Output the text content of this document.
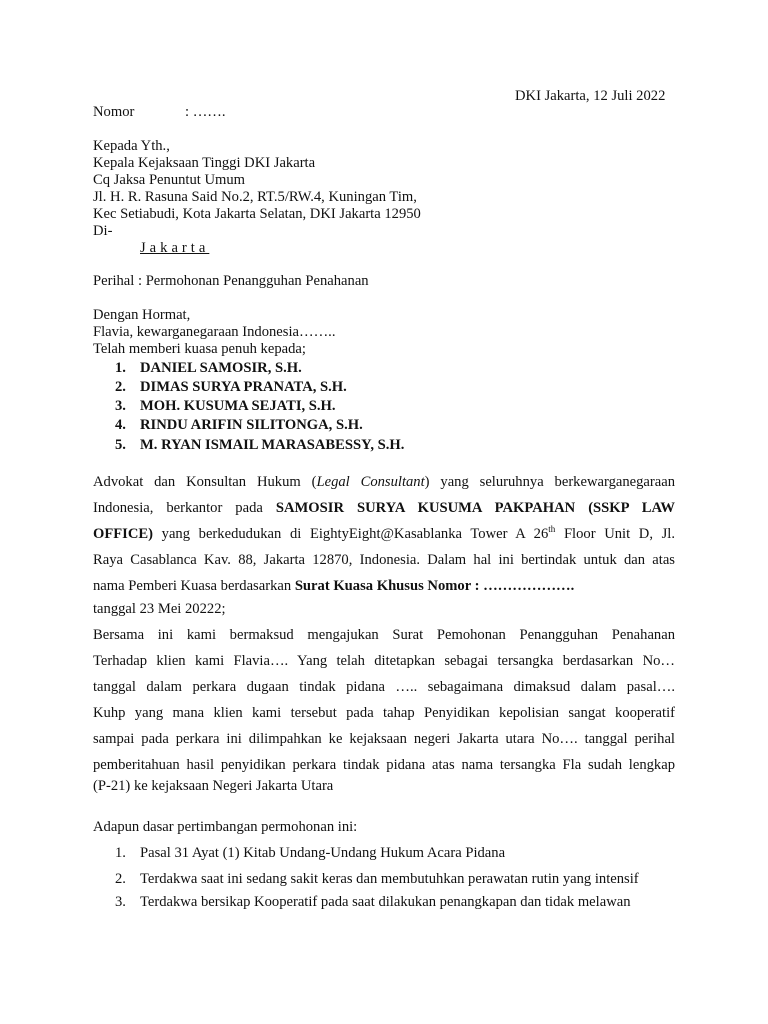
DKI Jakarta, 12 Juli 2022
Nomor	: …….
Kepada Yth.,
Kepala Kejaksaan Tinggi DKI Jakarta
Cq Jaksa Penuntut Umum
Jl. H. R. Rasuna Said No.2, RT.5/RW.4, Kuningan Tim,
Kec Setiabudi, Kota Jakarta Selatan, DKI Jakarta 12950
Di-
Jakarta
Perihal : Permohonan Penangguhan Penahanan
Dengan Hormat,
Flavia, kewarganegaraan Indonesia……..
Telah memberi kuasa penuh kepada;
1. DANIEL SAMOSIR, S.H.
2. DIMAS SURYA PRANATA, S.H.
3. MOH. KUSUMA SEJATI, S.H.
4. RINDU ARIFIN SILITONGA, S.H.
5. M. RYAN ISMAIL MARASABESSY, S.H.
Advokat dan Konsultan Hukum (Legal Consultant) yang seluruhnya berkewarganegaraan
Indonesia, berkantor pada SAMOSIR SURYA KUSUMA PAKPAHAN (SSKP LAW
OFFICE) yang berkedudukan di EightyEight@Kasablanka Tower A 26th Floor Unit D, Jl.
Raya Casablanca Kav. 88, Jakarta 12870, Indonesia. Dalam hal ini bertindak untuk dan atas
nama Pemberi Kuasa berdasarkan Surat Kuasa Khusus Nomor : ……………….
tanggal 23 Mei 20222;
Bersama ini kami bermaksud mengajukan Surat Pemohonan Penangguhan Penahanan
Terhadap klien kami Flavia…. Yang telah ditetapkan sebagai tersangka berdasarkan No…
tanggal dalam perkara dugaan tindak pidana ….. sebagaimana dimaksud dalam pasal….
Kuhp yang mana klien kami tersebut pada tahap Penyidikan kepolisian sangat kooperatif
sampai pada perkara ini dilimpahkan ke kejaksaan negeri Jakarta utara No…. tanggal perihal
pemberitahuan hasil penyidikan perkara tindak pidana atas nama tersangka Fla sudah lengkap
(P-21) ke kejaksaan Negeri Jakarta Utara
Adapun dasar pertimbangan permohonan ini:
1. Pasal 31 Ayat (1) Kitab Undang-Undang Hukum Acara Pidana
2. Terdakwa saat ini sedang sakit keras dan membutuhkan perawatan rutin yang intensif
3. Terdakwa bersikap Kooperatif pada saat dilakukan penangkapan dan tidak melawan
